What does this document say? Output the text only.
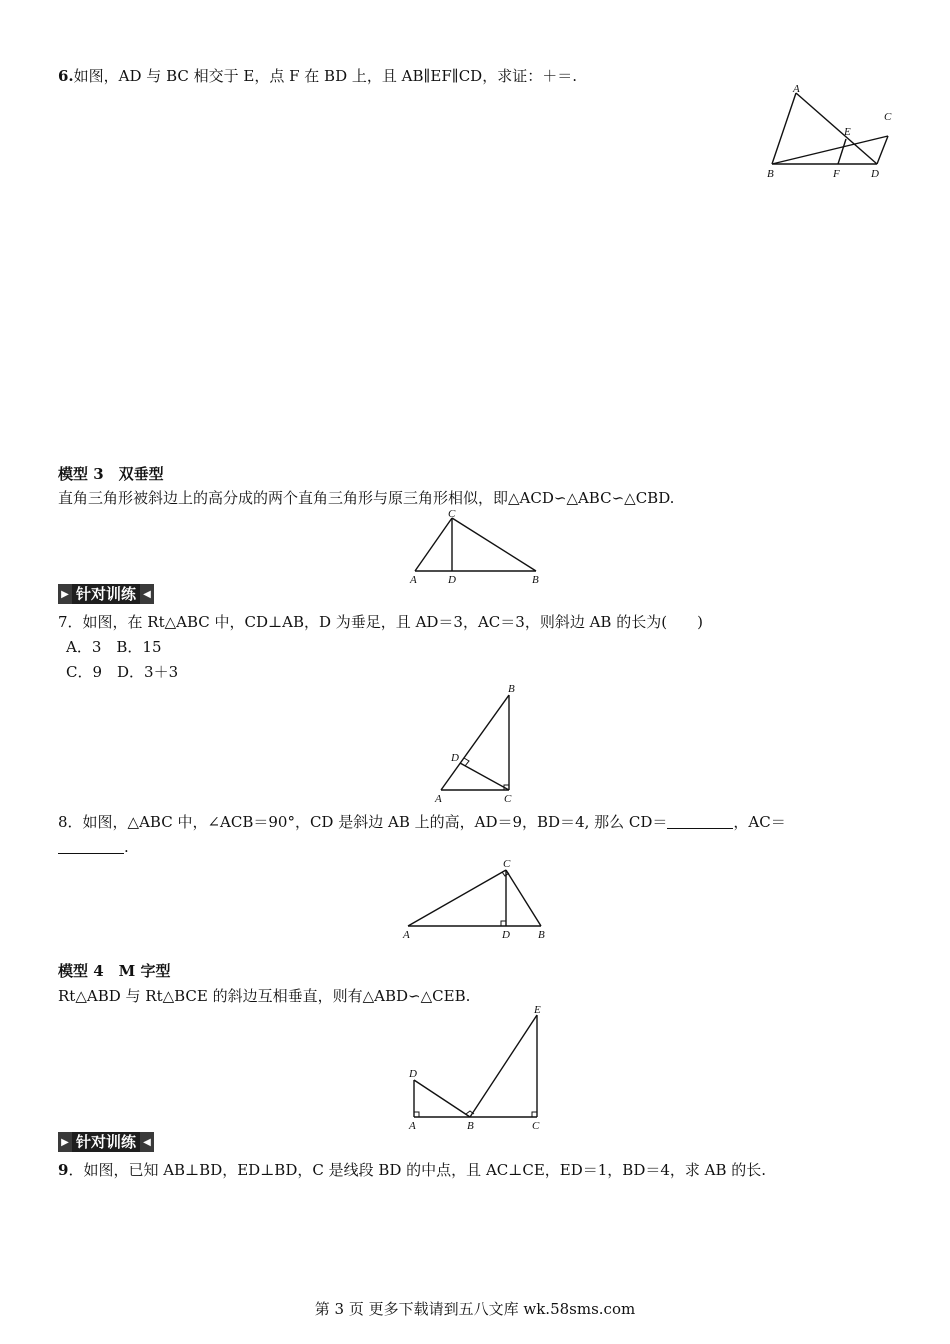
6.如图，AD 与 BC 相交于 E，点 F 在 BD 上，且 AB∥EF∥CD，求证：＋＝.
A
C
E
B	F	D
模型 3　双垂型
直角三角形被斜边上的高分成的两个直角三角形与原三角形相似，即△ACD∽△ABC∽△CBD.
C
A	D	B
▶ 针对训练 ◀
7．如图，在 Rt△ABC 中，CD⊥AB，D 为垂足，且 AD＝3，AC＝3，则斜边 AB 的长为(　　)
A．3　B．15
C．9　D．3＋3
B
D
A	C
8．如图，△ABC 中，∠ACB＝90°，CD 是斜边 AB 上的高，AD＝9，BD＝4, 那么 CD＝	，AC＝
.
C
A	D	B
模型 4　M 字型
Rt△ABD 与 Rt△BCE 的斜边互相垂直，则有△ABD∽△CEB.
E
D
A	B	C
▶ 针对训练 ◀
9．如图，已知 AB⊥BD，ED⊥BD，C 是线段 BD 的中点，且 AC⊥CE，ED＝1，BD＝4，求 AB 的长.
第 3 页 更多下载请到五八文库 wk.58sms.com
